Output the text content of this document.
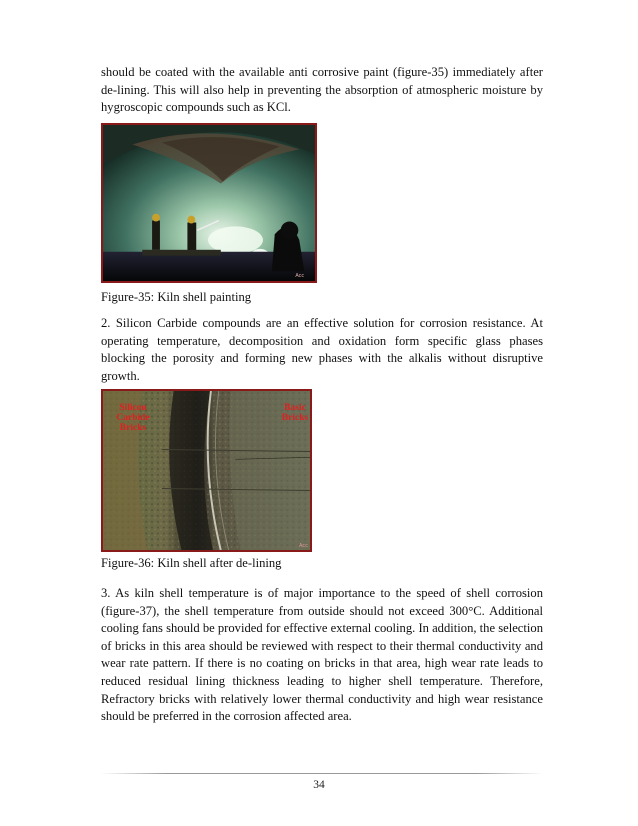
should be coated with the available anti corrosive paint (figure-35) immediately after de-lining. This will also help in preventing the absorption of atmospheric moisture by hygroscopic compounds such as KCl.

Acc

Figure-35: Kiln shell painting

2. Silicon Carbide compounds are an effective solution for corrosion resistance. At operating temperature, decomposition and oxidation form specific glass phases blocking the porosity and forming new phases with the alkalis without disruptive growth.

Silicon Carbide Bricks
Basic Bricks
Acc

Figure-36: Kiln shell after de-lining

3. As kiln shell temperature is of major importance to the speed of shell corrosion (figure-37), the shell temperature from outside should not exceed 300°C. Additional cooling fans should be provided for effective external cooling. In addition, the selection of bricks in this area should be reviewed with respect to their thermal conductivity and wear rate pattern. If there is no coating on bricks in that area, high wear rate leads to reduced residual lining thickness leading to higher shell temperature. Therefore, Refractory bricks with relatively lower thermal conductivity and high wear resistance should be preferred in the corrosion affected area.

34
